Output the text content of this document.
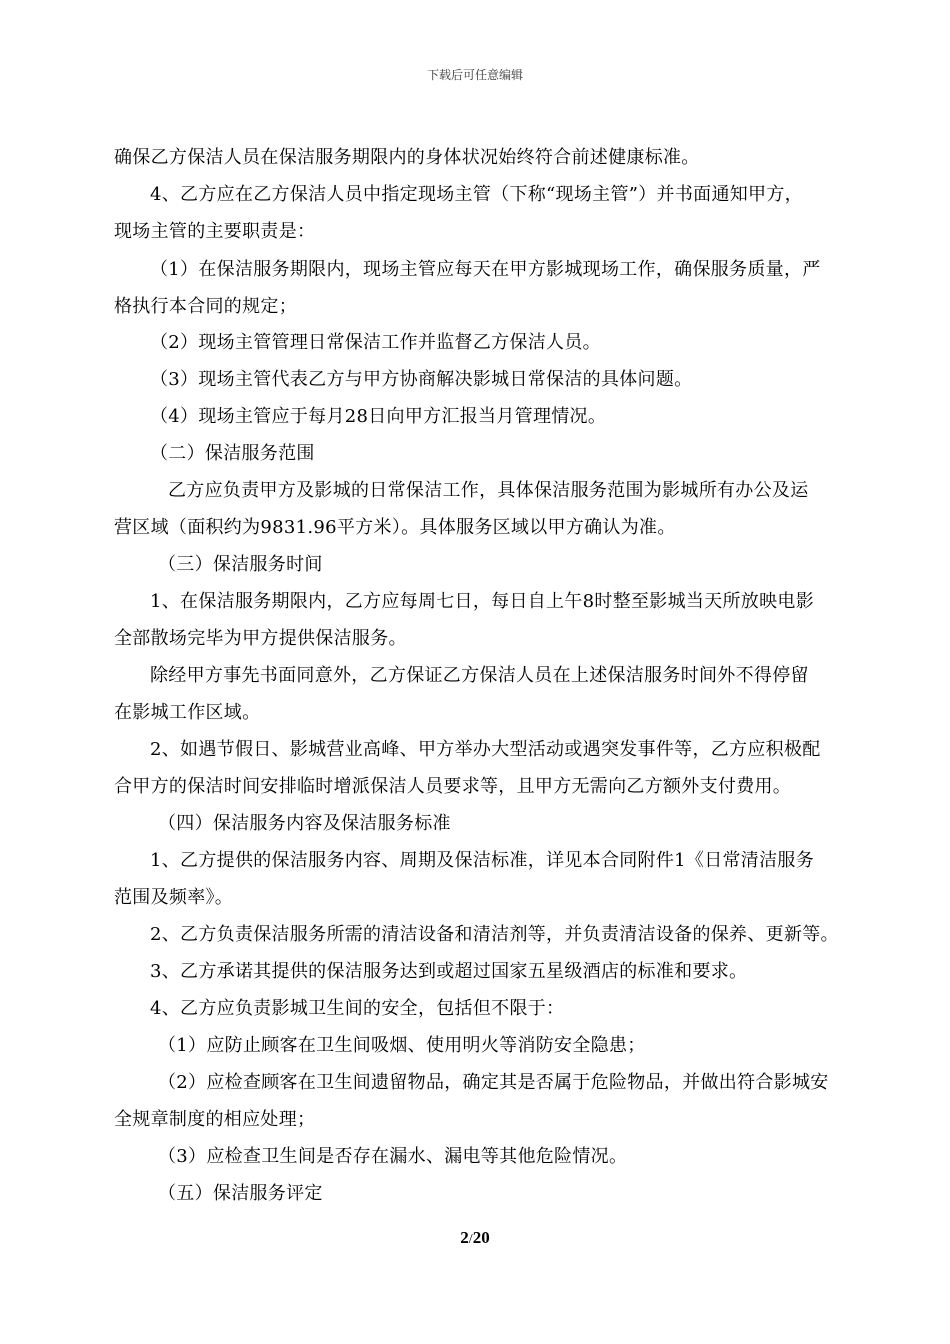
下载后可任意编辑
确保乙方保洁人员在保洁服务期限内的身体状况始终符合前述健康标准。
4、乙方应在乙方保洁人员中指定现场主管（下称“现场主管”）并书面通知甲方，
现场主管的主要职责是：
（1）在保洁服务期限内，现场主管应每天在甲方影城现场工作，确保服务质量，严
格执行本合同的规定；
（2）现场主管管理日常保洁工作并监督乙方保洁人员。
（3）现场主管代表乙方与甲方协商解决影城日常保洁的具体问题。
（4）现场主管应于每月28日向甲方汇报当月管理情况。
（二）保洁服务范围
乙方应负责甲方及影城的日常保洁工作，具体保洁服务范围为影城所有办公及运
营区域（面积约为9831.96平方米）。具体服务区域以甲方确认为准。
（三）保洁服务时间
1、在保洁服务期限内，乙方应每周七日，每日自上午8时整至影城当天所放映电影
全部散场完毕为甲方提供保洁服务。
除经甲方事先书面同意外，乙方保证乙方保洁人员在上述保洁服务时间外不得停留
在影城工作区域。
2、如遇节假日、影城营业高峰、甲方举办大型活动或遇突发事件等，乙方应积极配
合甲方的保洁时间安排临时增派保洁人员要求等，且甲方无需向乙方额外支付费用。
（四）保洁服务内容及保洁服务标准
1、乙方提供的保洁服务内容、周期及保洁标准，详见本合同附件1《日常清洁服务
范围及频率》。
2、乙方负责保洁服务所需的清洁设备和清洁剂等，并负责清洁设备的保养、更新等。
3、乙方承诺其提供的保洁服务达到或超过国家五星级酒店的标准和要求。
4、乙方应负责影城卫生间的安全，包括但不限于：
（1）应防止顾客在卫生间吸烟、使用明火等消防安全隐患；
（2）应检查顾客在卫生间遗留物品，确定其是否属于危险物品，并做出符合影城安
全规章制度的相应处理；
（3）应检查卫生间是否存在漏水、漏电等其他危险情况。
（五）保洁服务评定
2/20
